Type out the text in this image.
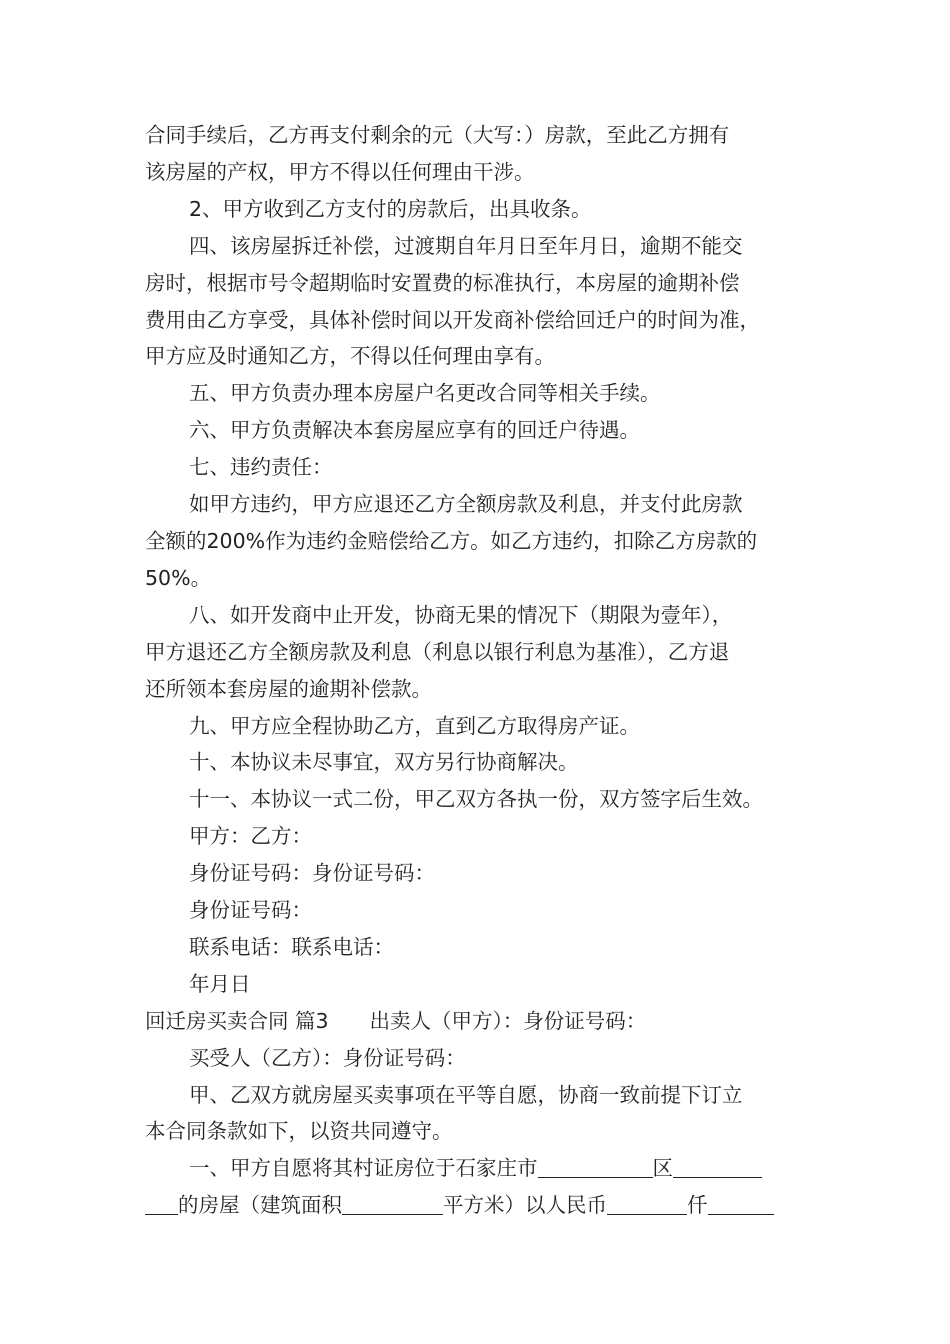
合同手续后，乙方再支付剩余的元（大写：）房款，至此乙方拥有

该房屋的产权，甲方不得以任何理由干涉。

2、甲方收到乙方支付的房款后，出具收条。

四、该房屋拆迁补偿，过渡期自年月日至年月日，逾期不能交

房时，根据市号令超期临时安置费的标准执行，本房屋的逾期补偿

费用由乙方享受，具体补偿时间以开发商补偿给回迁户的时间为准，

甲方应及时通知乙方，不得以任何理由享有。

五、甲方负责办理本房屋户名更改合同等相关手续。

六、甲方负责解决本套房屋应享有的回迁户待遇。

七、违约责任：

如甲方违约，甲方应退还乙方全额房款及利息，并支付此房款

全额的200%作为违约金赔偿给乙方。如乙方违约，扣除乙方房款的

50%。

八、如开发商中止开发，协商无果的情况下（期限为壹年），

甲方退还乙方全额房款及利息（利息以银行利息为基准），乙方退

还所领本套房屋的逾期补偿款。

九、甲方应全程协助乙方，直到乙方取得房产证。

十、本协议未尽事宜，双方另行协商解决。

十一、本协议一式二份，甲乙双方各执一份，双方签字后生效。

甲方：乙方：

身份证号码：身份证号码：

身份证号码：

联系电话：联系电话：

年月日

回迁房买卖合同 篇3　　出卖人（甲方）：身份证号码：

买受人（乙方）：身份证号码：

甲、乙双方就房屋买卖事项在平等自愿，协商一致前提下订立

本合同条款如下，以资共同遵守。

一、甲方自愿将其村证房位于石家庄市	区

的房屋（建筑面积	平方米）以人民币	仟
